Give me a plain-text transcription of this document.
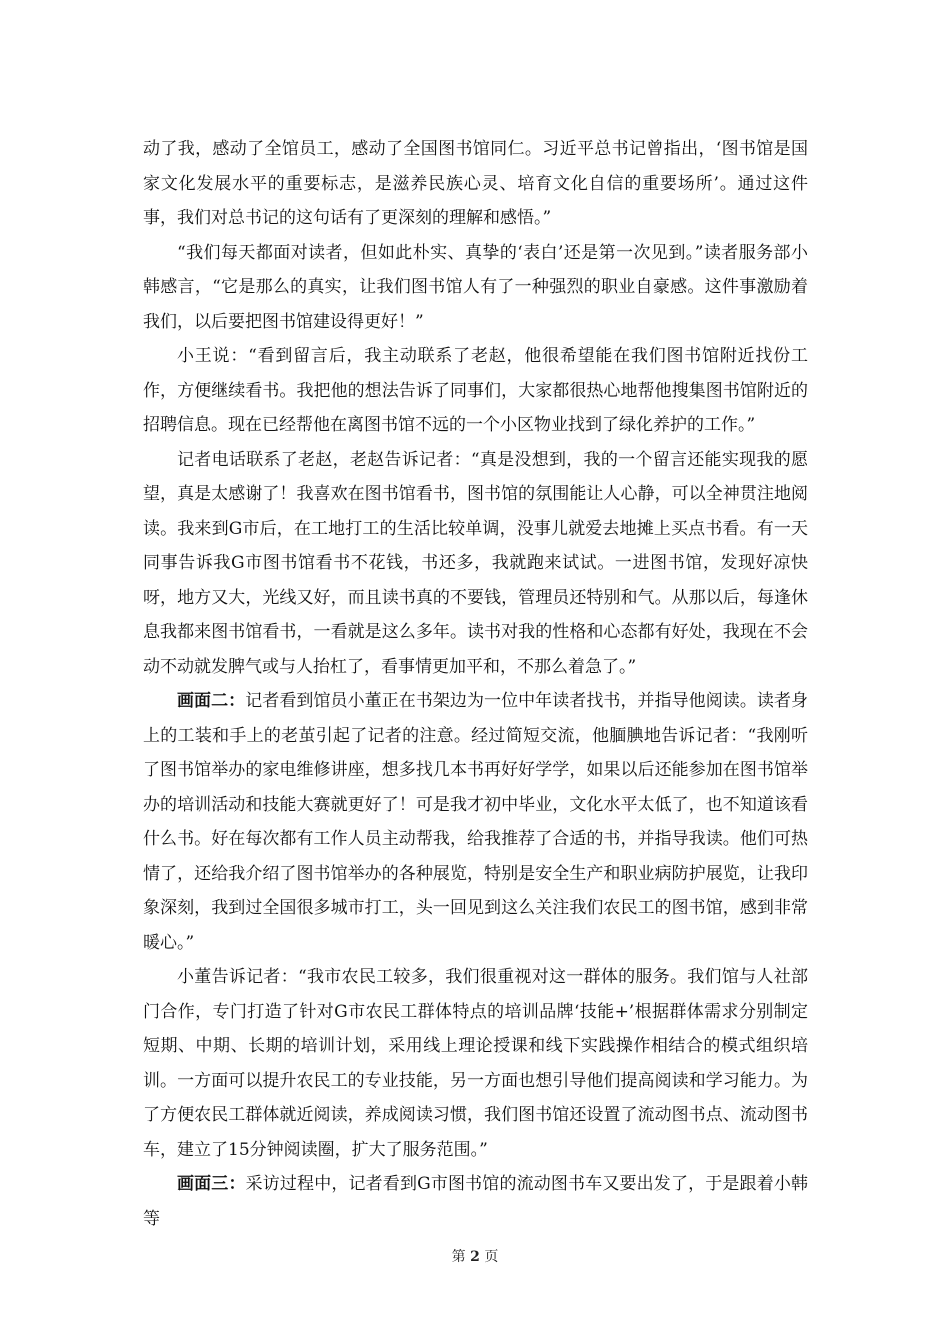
动了我，感动了全馆员工，感动了全国图书馆同仁。习近平总书记曾指出，‘图书馆是国家文化发展水平的重要标志，是滋养民族心灵、培育文化自信的重要场所’。通过这件事，我们对总书记的这句话有了更深刻的理解和感悟。”

“我们每天都面对读者，但如此朴实、真挚的‘表白’还是第一次见到。”读者服务部小韩感言，“它是那么的真实，让我们图书馆人有了一种强烈的职业自豪感。这件事激励着我们，以后要把图书馆建设得更好！”

小王说：“看到留言后，我主动联系了老赵，他很希望能在我们图书馆附近找份工作，方便继续看书。我把他的想法告诉了同事们，大家都很热心地帮他搜集图书馆附近的招聘信息。现在已经帮他在离图书馆不远的一个小区物业找到了绿化养护的工作。”

记者电话联系了老赵，老赵告诉记者：“真是没想到，我的一个留言还能实现我的愿望，真是太感谢了！我喜欢在图书馆看书，图书馆的氛围能让人心静，可以全神贯注地阅读。我来到G市后，在工地打工的生活比较单调，没事儿就爱去地摊上买点书看。有一天同事告诉我G市图书馆看书不花钱，书还多，我就跑来试试。一进图书馆，发现好凉快呀，地方又大，光线又好，而且读书真的不要钱，管理员还特别和气。从那以后，每逢休息我都来图书馆看书，一看就是这么多年。读书对我的性格和心态都有好处，我现在不会动不动就发脾气或与人抬杠了，看事情更加平和，不那么着急了。”

画面二：记者看到馆员小董正在书架边为一位中年读者找书，并指导他阅读。读者身上的工装和手上的老茧引起了记者的注意。经过简短交流，他腼腆地告诉记者：“我刚听了图书馆举办的家电维修讲座，想多找几本书再好好学学，如果以后还能参加在图书馆举办的培训活动和技能大赛就更好了！可是我才初中毕业，文化水平太低了，也不知道该看什么书。好在每次都有工作人员主动帮我，给我推荐了合适的书，并指导我读。他们可热情了，还给我介绍了图书馆举办的各种展览，特别是安全生产和职业病防护展览，让我印象深刻，我到过全国很多城市打工，头一回见到这么关注我们农民工的图书馆，感到非常暖心。”

小董告诉记者：“我市农民工较多，我们很重视对这一群体的服务。我们馆与人社部门合作，专门打造了针对G市农民工群体特点的培训品牌‘技能+’根据群体需求分别制定短期、中期、长期的培训计划，采用线上理论授课和线下实践操作相结合的模式组织培训。一方面可以提升农民工的专业技能，另一方面也想引导他们提高阅读和学习能力。为了方便农民工群体就近阅读，养成阅读习惯，我们图书馆还设置了流动图书点、流动图书车，建立了15分钟阅读圈，扩大了服务范围。”

画面三：采访过程中，记者看到G市图书馆的流动图书车又要出发了，于是跟着小韩等

第 2 页
